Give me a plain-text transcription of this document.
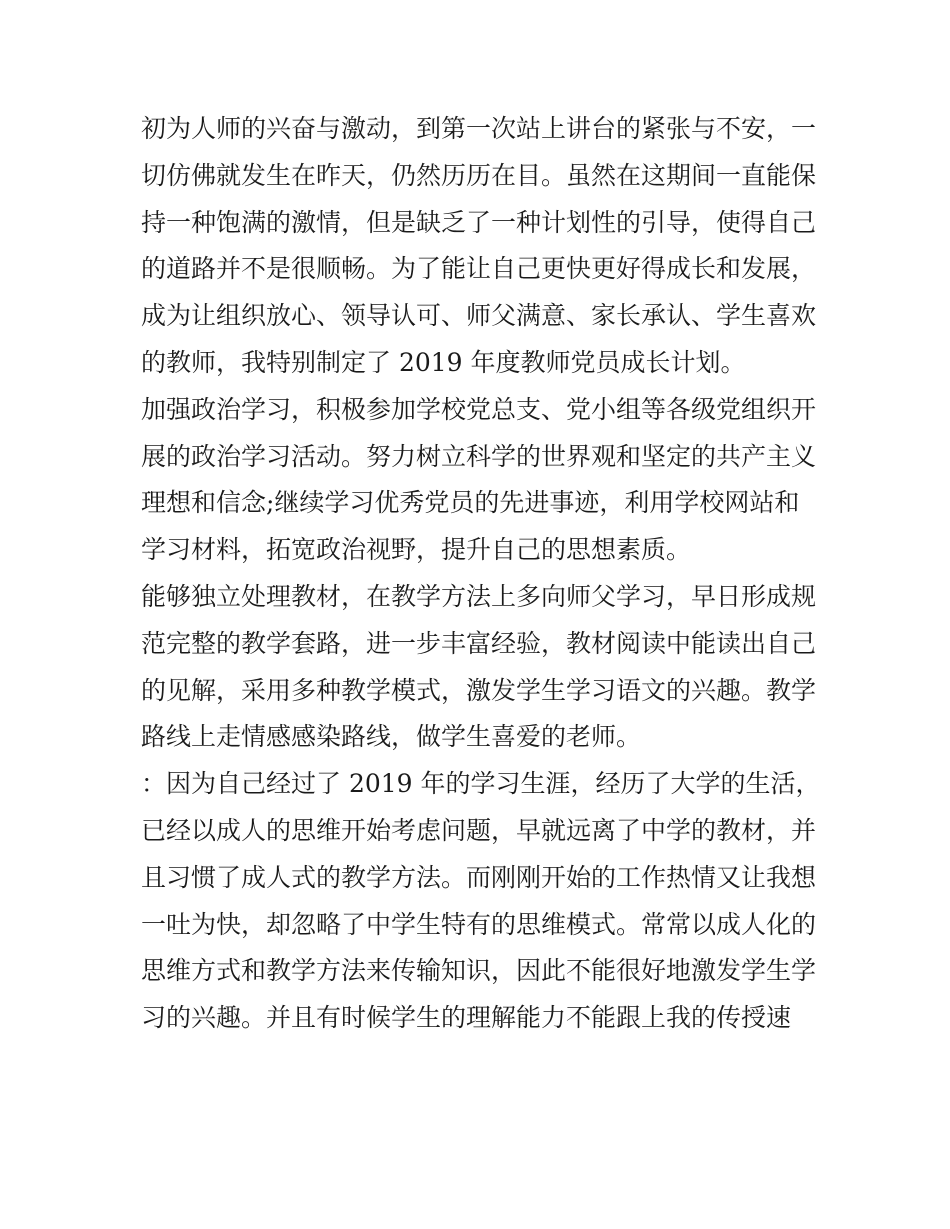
初为人师的兴奋与激动，到第一次站上讲台的紧张与不安，一
切仿佛就发生在昨天，仍然历历在目。虽然在这期间一直能保
持一种饱满的激情，但是缺乏了一种计划性的引导，使得自己
的道路并不是很顺畅。为了能让自己更快更好得成长和发展，
成为让组织放心、领导认可、师父满意、家长承认、学生喜欢
的教师，我特别制定了 2019 年度教师党员成长计划。
加强政治学习，积极参加学校党总支、党小组等各级党组织开
展的政治学习活动。努力树立科学的世界观和坚定的共产主义
理想和信念;继续学习优秀党员的先进事迹，利用学校网站和
学习材料，拓宽政治视野，提升自己的思想素质。
能够独立处理教材，在教学方法上多向师父学习，早日形成规
范完整的教学套路，进一步丰富经验，教材阅读中能读出自己
的见解，采用多种教学模式，激发学生学习语文的兴趣。教学
路线上走情感感染路线，做学生喜爱的老师。
：因为自己经过了 2019 年的学习生涯，经历了大学的生活，
已经以成人的思维开始考虑问题，早就远离了中学的教材，并
且习惯了成人式的教学方法。而刚刚开始的工作热情又让我想
一吐为快，却忽略了中学生特有的思维模式。常常以成人化的
思维方式和教学方法来传输知识，因此不能很好地激发学生学
习的兴趣。并且有时候学生的理解能力不能跟上我的传授速
